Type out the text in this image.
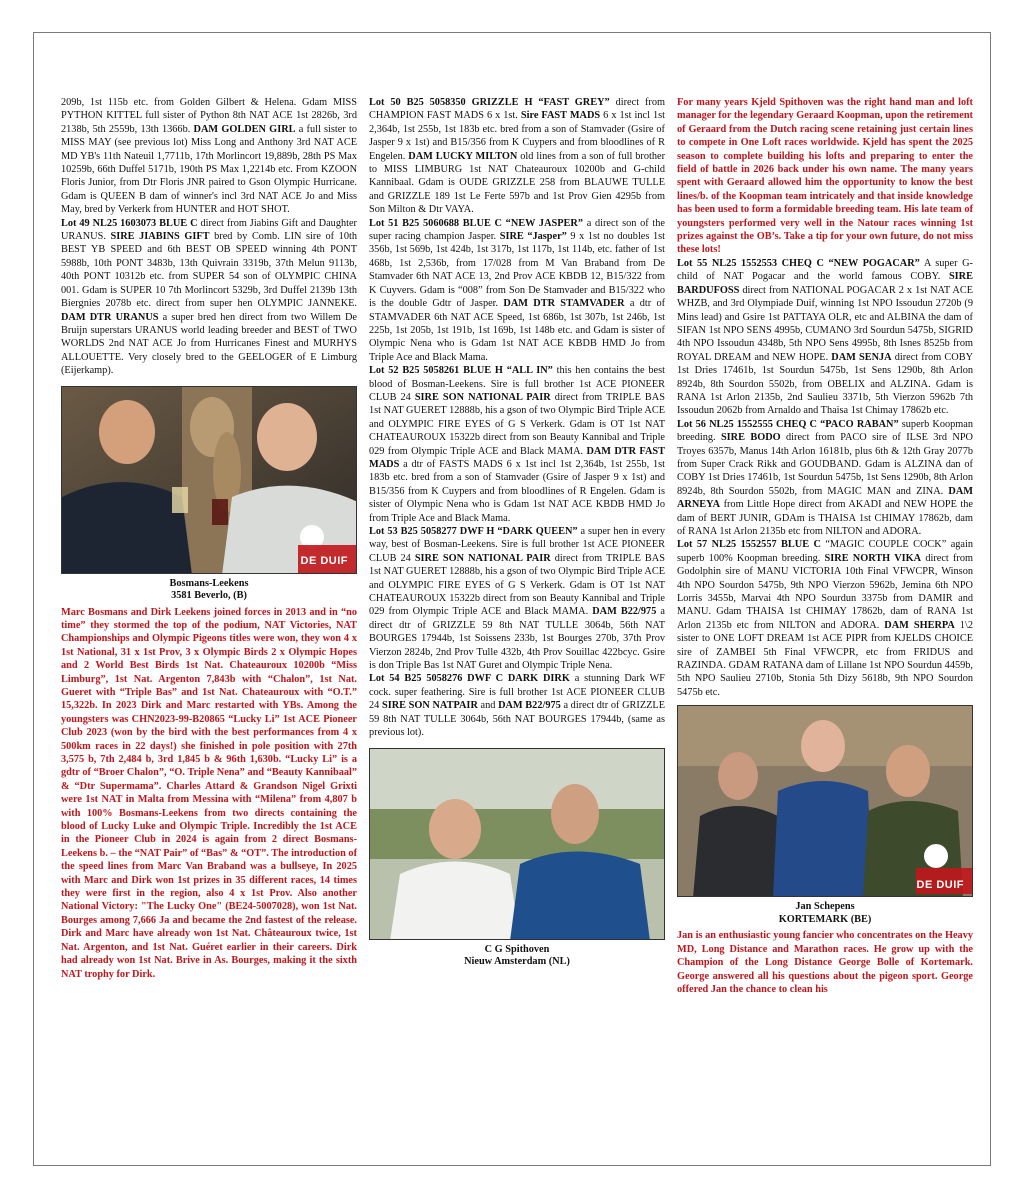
209b, 1st 115b etc. from Golden Gilbert & Helena. Gdam MISS PYTHON KITTEL full sister of Python 8th NAT ACE 1st 2826b, 3rd 2138b, 5th 2559b, 13th 1366b. DAM GOLDEN GIRL a full sister to MISS MAY (see previous lot) Miss Long and Anthony 3rd NAT ACE MD YB's 11th Nateuil 1,7711b, 17th Morlincort 19,889b, 28th PS Max 10259b, 66th Duffel 5171b, 190th PS Max 1,2214b etc. From KZOON Floris Junior, from Dtr Floris JNR paired to Gson Olympic Hurricane. Gdam is QUEEN B dam of winner's incl 3rd NAT ACE Jo and Miss May, bred by Verkerk from HUNTER and HOT SHOT.

Lot 49 NL25 1603073 BLUE C direct from Jiabins Gift and Daughter URANUS. SIRE JIABINS GIFT bred by Comb. LIN sire of 10th BEST YB SPEED and 6th BEST OB SPEED winning 4th PONT 5988b, 10th PONT 3483b, 13th Quivrain 3319b, 37th Melun 9113b, 40th PONT 10312b etc. from SUPER 54 son of OLYMPIC CHINA 001. Gdam is SUPER 10 7th Morlincort 5329b, 3rd Duffel 2139b 13th Biergnies 2078b etc. direct from super hen OLYMPIC JANNEKE. DAM DTR URANUS a super bred hen direct from two Willem De Bruijn superstars URANUS world leading breeder and BEST of TWO WORLDS 2nd NAT ACE Jo from Hurricanes Finest and MURHYS ALLOUETTE. Very closely bred to the GEELOGER of E Limburg (Eijerkamp).

DE DUIF
Bosmans-Leekens
3581 Beverlo, (B)

Marc Bosmans and Dirk Leekens joined forces in 2013 and in “no time” they stormed the top of the podium, NAT Victories, NAT Championships and Olympic Pigeons titles were won, they won 4 x 1st National, 31 x 1st Prov, 3 x Olympic Birds 2 x Olympic Hopes and 2 World Best Birds 1st Nat. Chateauroux 10200b “Miss Limburg”, 1st Nat. Argenton 7,843b with “Chalon”, 1st Nat. Gueret with “Triple Bas” and 1st Nat. Chateauroux with “O.T.” 15,322b. In 2023 Dirk and Marc restarted with YBs. Among the youngsters was CHN2023-99-B20865 “Lucky Li” 1st ACE Pioneer Club 2023 (won by the bird with the best performances from 4 x 500km races in 22 days!) she finished in pole position with 27th 3,575 b, 7th 2,484 b, 3rd 1,845 b & 96th 1,630b. “Lucky Li” is a gdtr of “Broer Chalon”, “O. Triple Nena” and “Beauty Kannibaal” & “Dtr Supermama”. Charles Attard & Grandson Nigel Grixti were 1st NAT in Malta from Messina with “Milena” from 4,807 b with 100% Bosmans-Leekens from two directs containing the blood of Lucky Luke and Olympic Triple. Incredibly the 1st ACE in the Pioneer Club in 2024 is again from 2 direct Bosmans-Leekens b. – the “NAT Pair” of “Bas” & “OT”. The introduction of the speed lines from Marc Van Braband was a bullseye, In 2025 with Marc and Dirk won 1st prizes in 35 different races, 14 times they were first in the region, also 4 x 1st Prov. Also another National Victory: "The Lucky One" (BE24-5007028), won 1st Nat. Bourges among 7,666 Ja and became the 2nd fastest of the release. Dirk and Marc have already won 1st Nat. Châteauroux twice, 1st Nat. Argenton, and 1st Nat. Guéret earlier in their careers. Dirk had already won 1st Nat. Brive in As. Bourges, making it the sixth NAT trophy for Dirk.

Lot 50 B25 5058350 GRIZZLE H “FAST GREY” direct from CHAMPION FAST MADS 6 x 1st. Sire FAST MADS 6 x 1st incl 1st 2,364b, 1st 255b, 1st 183b etc. bred from a son of Stamvader (Gsire of Jasper 9 x 1st) and B15/356 from K Cuypers and from bloodlines of R Engelen. DAM LUCKY MILTON old lines from a son of full brother to MISS LIMBURG 1st NAT Chateauroux 10200b and G-child Kannibaal. Gdam is OUDE GRIZZLE 258 from BLAUWE TULLE and GRIZZLE 189 1st Le Ferte 597b and 1st Prov Gien 4295b from Son Milton & Dtr VAYA.

Lot 51 B25 5060688 BLUE C “NEW JASPER” a direct son of the super racing champion Jasper. SIRE “Jasper” 9 x 1st no doubles 1st 356b, 1st 569b, 1st 424b, 1st 317b, 1st 117b, 1st 114b, etc. father of 1st 468b, 1st 2,536b, from 17/028 from M Van Braband from De Stamvader 6th NAT ACE 13, 2nd Prov ACE KBDB 12, B15/322 from K Cuyvers. Gdam is “008” from Son De Stamvader and B15/322 who is the double Gdtr of Jasper. DAM DTR STAMVADER a dtr of STAMVADER 6th NAT ACE Speed, 1st 686b, 1st 307b, 1st 246b, 1st 225b, 1st 205b, 1st 191b, 1st 169b, 1st 148b etc. and Gdam is sister of Olympic Nena who is Gdam 1st NAT ACE KBDB HMD Jo from Triple Ace and Black Mama.

Lot 52 B25 5058261 BLUE H “ALL IN” this hen contains the best blood of Bosman-Leekens. Sire is full brother 1st ACE PIONEER CLUB 24 SIRE SON NATIONAL PAIR direct from TRIPLE BAS 1st NAT GUERET 12888b, his a gson of two Olympic Bird Triple ACE and OLYMPIC FIRE EYES of G S Verkerk. Gdam is OT 1st NAT CHATEAUROUX 15322b direct from son Beauty Kannibal and Triple 029 from Olympic Triple ACE and Black MAMA. DAM DTR FAST MADS a dtr of FASTS MADS 6 x 1st incl 1st 2,364b, 1st 255b, 1st 183b etc. bred from a son of Stamvader (Gsire of Jasper 9 x 1st) and B15/356 from K Cuypers and from bloodlines of R Engelen. Gdam is sister of Olympic Nena who is Gdam 1st NAT ACE KBDB HMD Jo from Triple Ace and Black Mama.

Lot 53 B25 5058277 DWF H “DARK QUEEN” a super hen in every way, best of Bosman-Leekens. Sire is full brother 1st ACE PIONEER CLUB 24 SIRE SON NATIONAL PAIR direct from TRIPLE BAS 1st NAT GUERET 12888b, his a gson of two Olympic Bird Triple ACE and OLYMPIC FIRE EYES of G S Verkerk. Gdam is OT 1st NAT CHATEAUROUX 15322b direct from son Beauty Kannibal and Triple 029 from Olympic Triple ACE and Black MAMA. DAM B22/975 a direct dtr of GRIZZLE 59 8th NAT TULLE 3064b, 56th NAT BOURGES 17944b, 1st Soissens 233b, 1st Bourges 270b, 37th Prov Vierzon 2824b, 2nd Prov Tulle 432b, 4th Prov Souillac 422bcyc. Gsire is don Triple Bas 1st NAT Guret and Olympic Triple Nena.

Lot 54 B25 5058276 DWF C DARK DIRK a stunning Dark WF cock. super feathering. Sire is full brother 1st ACE PIONEER CLUB 24 SIRE SON NATPAIR and DAM B22/975 a direct dtr of GRIZZLE 59 8th NAT TULLE 3064b, 56th NAT BOURGES 17944b, (same as previous lot).

C G Spithoven
Nieuw Amsterdam (NL)

For many years Kjeld Spithoven was the right hand man and loft manager for the legendary Geraard Koopman, upon the retirement of Geraard from the Dutch racing scene retaining just certain lines to compete in One Loft races worldwide. Kjeld has spent the 2025 season to complete building his lofts and preparing to enter the field of battle in 2026 back under his own name. The many years spent with Geraard allowed him the opportunity to know the best lines/b. of the Koopman team intricately and that inside knowledge has been used to form a formidable breeding team. His late team of youngsters performed very well in the Natour races winning 1st prizes against the OB’s. Take a tip for your own future, do not miss these lots!

Lot 55 NL25 1552553 CHEQ C “NEW POGACAR” A super G-child of NAT Pogacar and the world famous COBY. SIRE BARDUFOSS direct from NATIONAL POGACAR 2 x 1st NAT ACE WHZB, and 3rd Olympiade Duif, winning 1st NPO Issoudun 2720b (9 Mins lead) and Gsire 1st PATTAYA OLR, etc and ALBINA the dam of SIFAN 1st NPO SENS 4995b, CUMANO 3rd Sourdun 5475b, SIGRID 4th NPO Issoudun 4348b, 5th NPO Sens 4995b, 8th Isnes 8525b from ROYAL DREAM and NEW HOPE. DAM SENJA direct from COBY 1st Dries 17461b, 1st Sourdun 5475b, 1st Sens 1290b, 8th Arlon 8924b, 8th Sourdon 5502b, from OBELIX and ALZINA. Gdam is RANA 1st Arlon 2135b, 2nd Saulieu 3371b, 5th Vierzon 5962b 7th Issoudun 2062b from Arnaldo and Thaisa 1st Chimay 17862b etc.

Lot 56 NL25 1552555 CHEQ C “PACO RABAN” superb Koopman breeding. SIRE BODO direct from PACO sire of ILSE 3rd NPO Troyes 6357b, Manus 14th Arlon 16181b, plus 6th & 12th Gray 2077b from Super Crack Rikk and GOUDBAND. Gdam is ALZINA dan of COBY 1st Dries 17461b, 1st Sourdun 5475b, 1st Sens 1290b, 8th Arlon 8924b, 8th Sourdon 5502b, from MAGIC MAN and ZINA. DAM ARNEYA from Little Hope direct from AKADI and NEW HOPE the dam of BERT JUNIR, GDAm is THAISA 1st CHIMAY 17862b, dam of RANA 1st Arlon 2135b etc from NILTON and ADORA.

Lot 57 NL25 1552557 BLUE C “MAGIC COUPLE COCK” again superb 100% Koopman breeding. SIRE NORTH VIKA direct from Godolphin sire of MANU VICTORIA 10th Final VFWCPR, Winson 4th NPO Sourdon 5475b, 9th NPO Vierzon 5962b, Jemina 6th NPO Lorris 3455b, Marvai 4th NPO Sourdun 3375b from DAMIR and MANU. Gdam THAISA 1st CHIMAY 17862b, dam of RANA 1st Arlon 2135b etc from NILTON and ADORA. DAM SHERPA 1\2 sister to ONE LOFT DREAM 1st ACE PIPR from KJELDS CHOICE sire of ZAMBEI 5th Final VFWCPR, etc from FRIDUS and RAZINDA. GDAM RATANA dam of Lillane 1st NPO Sourdun 4459b, 5th NPO Saulieu 2710b, Stonia 5th Dizy 5618b, 9th NPO Sourdon 5475b etc.

DE DUIF
Jan Schepens
KORTEMARK (BE)

Jan is an enthusiastic young fancier who concentrates on the Heavy MD, Long Distance and Marathon races. He grow up with the Champion of the Long Distance George Bolle of Kortemark. George answered all his questions about the pigeon sport. George offered Jan the chance to clean his
